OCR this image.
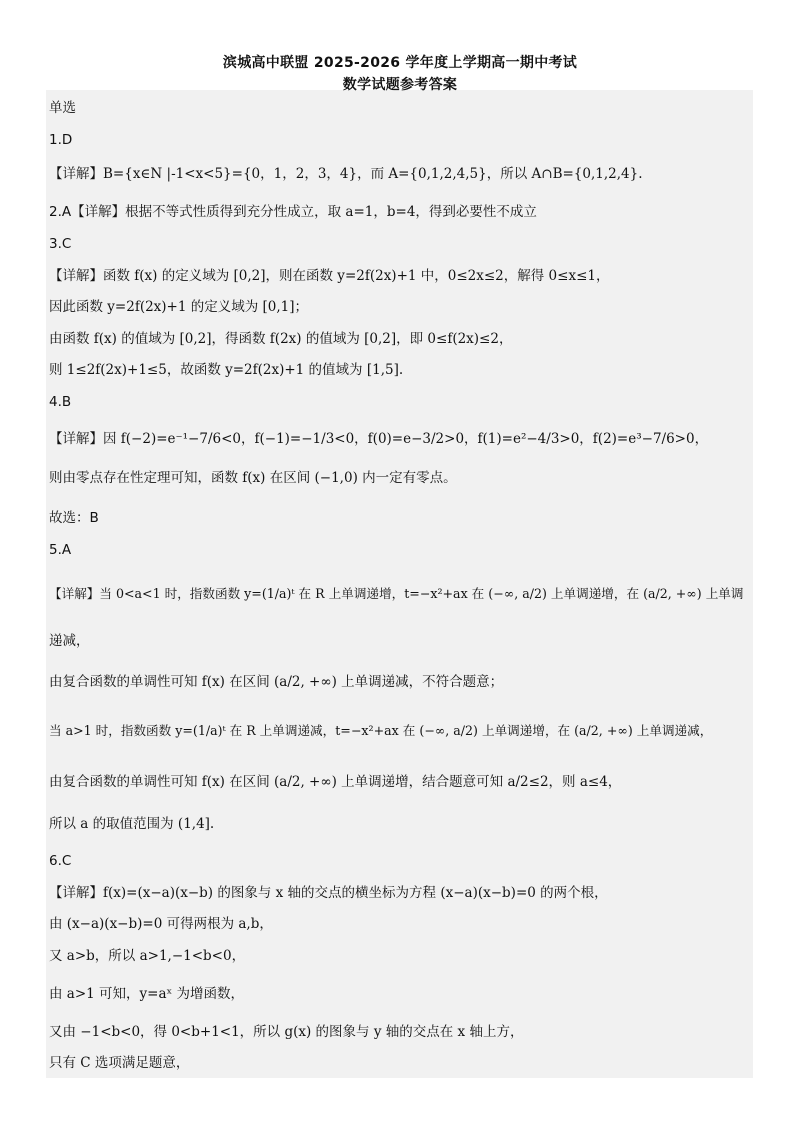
滨城高中联盟 2025-2026 学年度上学期高一期中考试
数学试题参考答案
单选
1.D
【详解】B={x∈N |-1<x<5}={0，1，2，3，4}，而 A={0,1,2,4,5}，所以 A∩B={0,1,2,4}.
2.A【详解】根据不等式性质得到充分性成立，取 a=1，b=4，得到必要性不成立
3.C
【详解】函数 f(x) 的定义域为 [0,2]，则在函数 y=2f(2x)+1 中，0≤2x≤2，解得 0≤x≤1，
因此函数 y=2f(2x)+1 的定义域为 [0,1]；
由函数 f(x) 的值域为 [0,2]，得函数 f(2x) 的值域为 [0,2]，即 0≤f(2x)≤2，
则 1≤2f(2x)+1≤5，故函数 y=2f(2x)+1 的值域为 [1,5].
4.B
【详解】因 f(−2)=e⁻¹−7/6<0，f(−1)=−1/3<0，f(0)=e−3/2>0，f(1)=e²−4/3>0，f(2)=e³−7/6>0，
则由零点存在性定理可知，函数 f(x) 在区间 (−1,0) 内一定有零点。
故选：B
5.A
【详解】当 0<a<1 时，指数函数 y=(1/a)ᵗ 在 R 上单调递增，t=−x²+ax 在 (−∞, a/2) 上单调递增，在 (a/2, +∞) 上单调
递减，
由复合函数的单调性可知 f(x) 在区间 (a/2, +∞) 上单调递减，不符合题意；
当 a>1 时，指数函数 y=(1/a)ᵗ 在 R 上单调递减，t=−x²+ax 在 (−∞, a/2) 上单调递增，在 (a/2, +∞) 上单调递减，
由复合函数的单调性可知 f(x) 在区间 (a/2, +∞) 上单调递增，结合题意可知 a/2≤2，则 a≤4，
所以 a 的取值范围为 (1,4].
6.C
【详解】f(x)=(x−a)(x−b) 的图象与 x 轴的交点的横坐标为方程 (x−a)(x−b)=0 的两个根，
由 (x−a)(x−b)=0 可得两根为 a,b，
又 a>b，所以 a>1,−1<b<0，
由 a>1 可知，y=aˣ 为增函数，
又由 −1<b<0，得 0<b+1<1，所以 g(x) 的图象与 y 轴的交点在 x 轴上方，
只有 C 选项满足题意，
